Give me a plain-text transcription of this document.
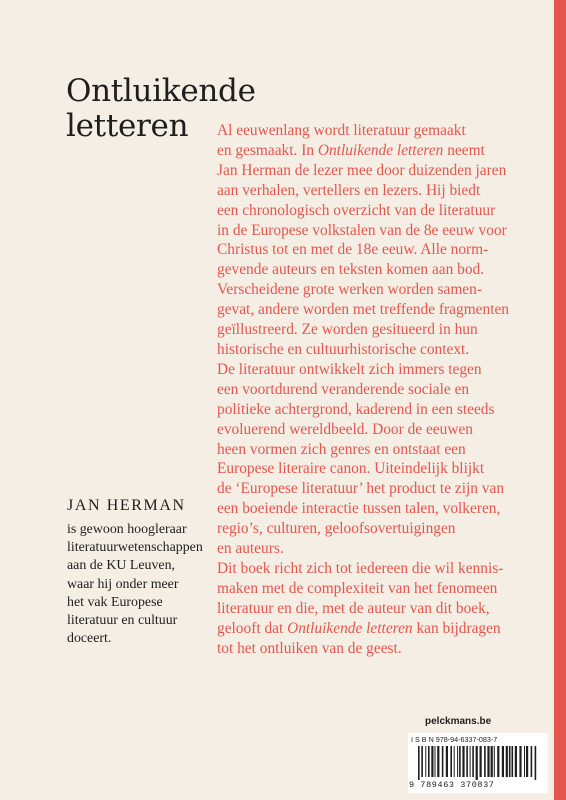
Ontluikende
letteren	Al eeuwenlang wordt literatuur gemaakt
en gesmaakt. In Ontluikende letteren neemt
Jan Herman de lezer mee door duizenden jaren
aan verhalen, vertellers en lezers. Hij biedt
een chronologisch overzicht van de literatuur
in de Europese volkstalen van de 8e eeuw voor
Christus tot en met de 18e eeuw. Alle norm-
gevende auteurs en teksten komen aan bod.
Verscheidene grote werken worden samen-
gevat, andere worden met treffende fragmenten
geïllustreerd. Ze worden gesitueerd in hun
historische en cultuurhistorische context.
De literatuur ontwikkelt zich immers tegen
een voortdurend veranderende sociale en
politieke achtergrond, kaderend in een steeds
evoluerend wereldbeeld. Door de eeuwen
heen vormen zich genres en ontstaat een
Europese literaire canon. Uiteindelijk blijkt
de ‘Europese literatuur’ het product te zijn van
een boeiende interactie tussen talen, volkeren,
regio’s, culturen, geloofsovertuigingen
en auteurs.
Dit boek richt zich tot iedereen die wil kennis-
maken met de complexiteit van het fenomeen
literatuur en die, met de auteur van dit boek,
gelooft dat Ontluikende letteren kan bijdragen
tot het ontluiken van de geest.
JAN HERMAN
is gewoon hoogleraar
literatuurwetenschappen
aan de KU Leuven,
waar hij onder meer
het vak Europese
literatuur en cultuur
doceert.
pelckmans.be
I S B N 978-94-6337-083-7
9 789463 370837
